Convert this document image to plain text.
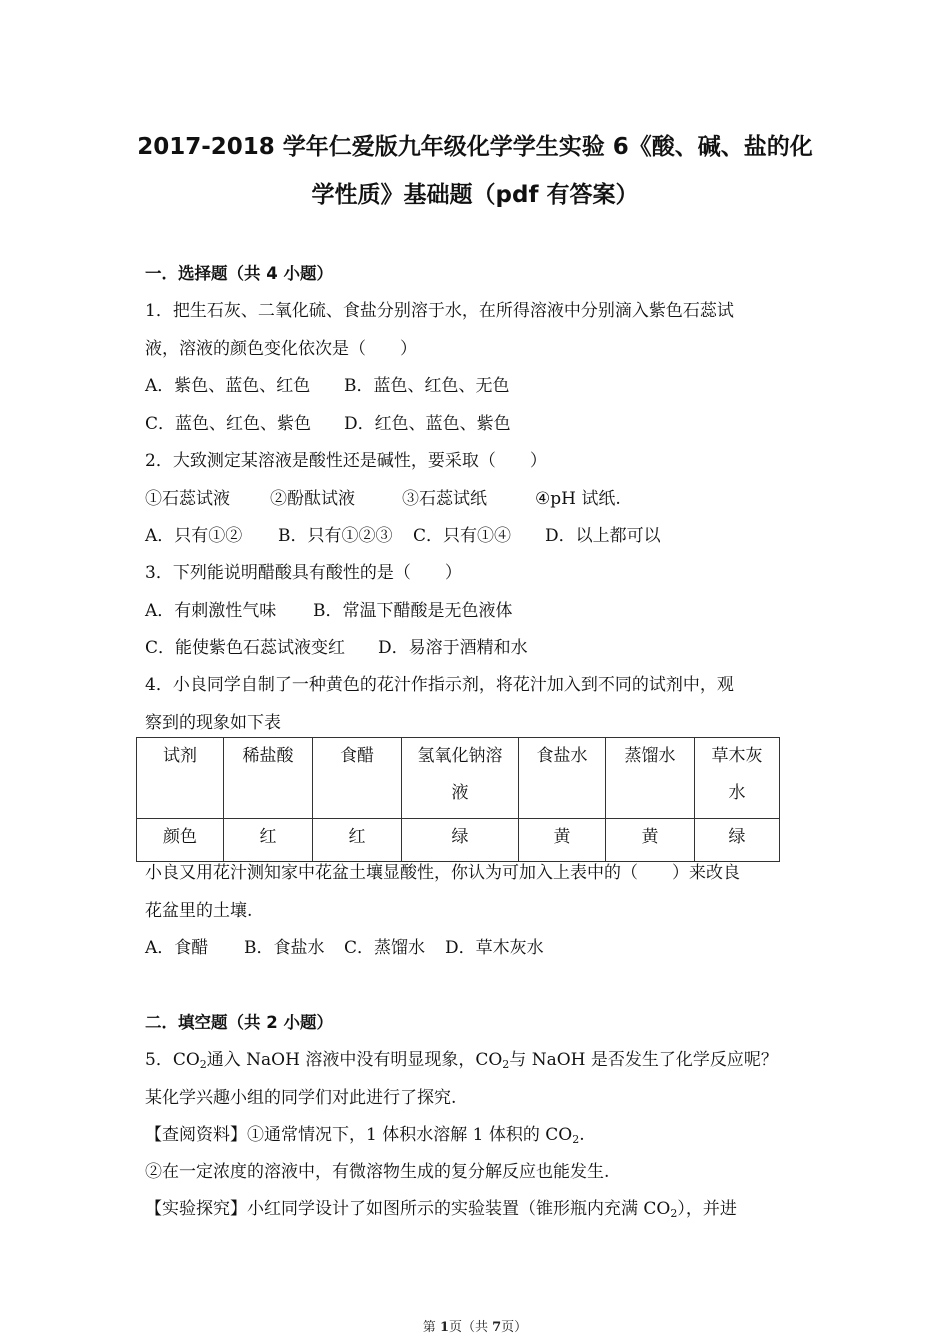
2017-2018 学年仁爱版九年级化学学生实验 6《酸、碱、盐的化
学性质》基础题（pdf 有答案）
一．选择题（共 4 小题）
1．把生石灰、二氧化硫、食盐分别溶于水，在所得溶液中分别滴入紫色石蕊试
液，溶液的颜色变化依次是（　　）
A．紫色、蓝色、红色 B．蓝色、红色、无色
C．蓝色、红色、紫色 D．红色、蓝色、紫色
2．大致测定某溶液是酸性还是碱性，要采取（　　）
①石蕊试液 ②酚酞试液	③石蕊试纸	④pH 试纸.
A．只有①② B．只有①②③ C．只有①④ D．以上都可以
3．下列能说明醋酸具有酸性的是（　　）
A．有刺激性气味 B．常温下醋酸是无色液体
C．能使紫色石蕊试液变红 D．易溶于酒精和水
4．小良同学自制了一种黄色的花汁作指示剂，将花汁加入到不同的试剂中，观
察到的现象如下表
试剂	稀盐酸	食醋	氢氧化钠溶
液	食盐水	蒸馏水	草木灰
水
颜色	红	红	绿	黄	黄	绿
小良又用花汁测知家中花盆土壤显酸性，你认为可加入上表中的（　　）来改良
花盆里的土壤.
A．食醋 B．食盐水 C．蒸馏水 D．草木灰水
二．填空题（共 2 小题）
5．$CO_2$通入 NaOH 溶液中没有明显现象，$CO_2$与 NaOH 是否发生了化学反应呢？
某化学兴趣小组的同学们对此进行了探究.
【查阅资料】①通常情况下，1 体积水溶解 1 体积的 $CO_2$.
②在一定浓度的溶液中，有微溶物生成的复分解反应也能发生.
【实验探究】小红同学设计了如图所示的实验装置（锥形瓶内充满 $CO_2$），并进
第 1页（共 7页）
